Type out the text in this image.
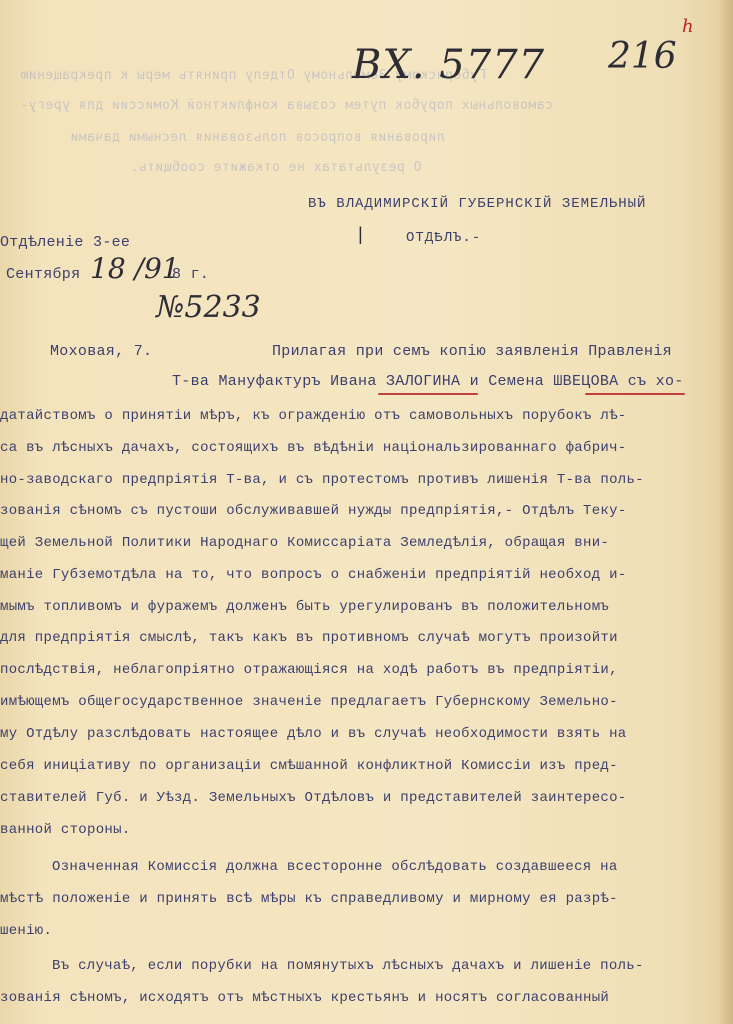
Губернскому Земельному Отделу принять меры к прекращению
самовольных порубок путем созыва конфликтной Комиссии для урегу-
лирования вопросов пользования лесными дачами
О результатах не откажите сообщить.
ВХ. 5777 216
h
ВЪ ВЛАДИМИРСКІЙ ГУБЕРНСКІЙ ЗЕМЕЛЬНЫЙ
|	ОТДѢЛЪ.-
Отдѣленіе 3-ее
Сентября 18 /91
8 г.
№5233
Моховая, 7.	Прилагая при семъ копію заявленія Правленія
Т-ва Мануфактуръ Ивана ЗАЛОГИНА и Семена ШВЕЦОВА съ хо-
датайствомъ о принятіи мѣръ, къ огражденію отъ самовольныхъ порубокъ лѣ-
са въ лѣсныхъ дачахъ, состоящихъ въ вѣдѣніи національзированнаго фабрич-
но-заводскаго предпріятія Т-ва, и съ протестомъ противъ лишенія Т-ва поль-
зованія сѣномъ съ пустоши обслуживавшей нужды предпріятія,- Отдѣлъ Теку-
щей Земельной Политики Народнаго Комиссаріата Земледѣлія, обращая вни-
маніе Губземотдѣла на то, что вопросъ о снабженіи предпріятій необход и-
мымъ топливомъ и фуражемъ долженъ быть урегулированъ въ положительномъ
для предпріятія смыслѣ, такъ какъ въ противномъ случаѣ могутъ произойти
послѣдствія, неблагопріятно отражающіяся на ходѣ работъ въ предпріятіи,
имѣющемъ общегосударственное значеніе предлагаетъ Губернскому Земельно-
му Отдѣлу разслѣдовать настоящее дѣло и въ случаѣ необходимости взять на
себя иниціативу по организаціи смѣшанной конфликтной Комиссіи изъ пред-
ставителей Губ. и Уѣзд. Земельныхъ Отдѣловъ и представителей заинтересо-
ванной стороны.
Означенная Комиссія должна всесторонне обслѣдовать создавшееся на
мѣстѣ положеніе и принять всѣ мѣры къ справедливому и мирному ея разрѣ-
шенію.
Въ случаѣ, если порубки на помянутыхъ лѣсныхъ дачахъ и лишеніе поль-
зованія сѣномъ, исходятъ отъ мѣстныхъ крестьянъ и носятъ согласованный
